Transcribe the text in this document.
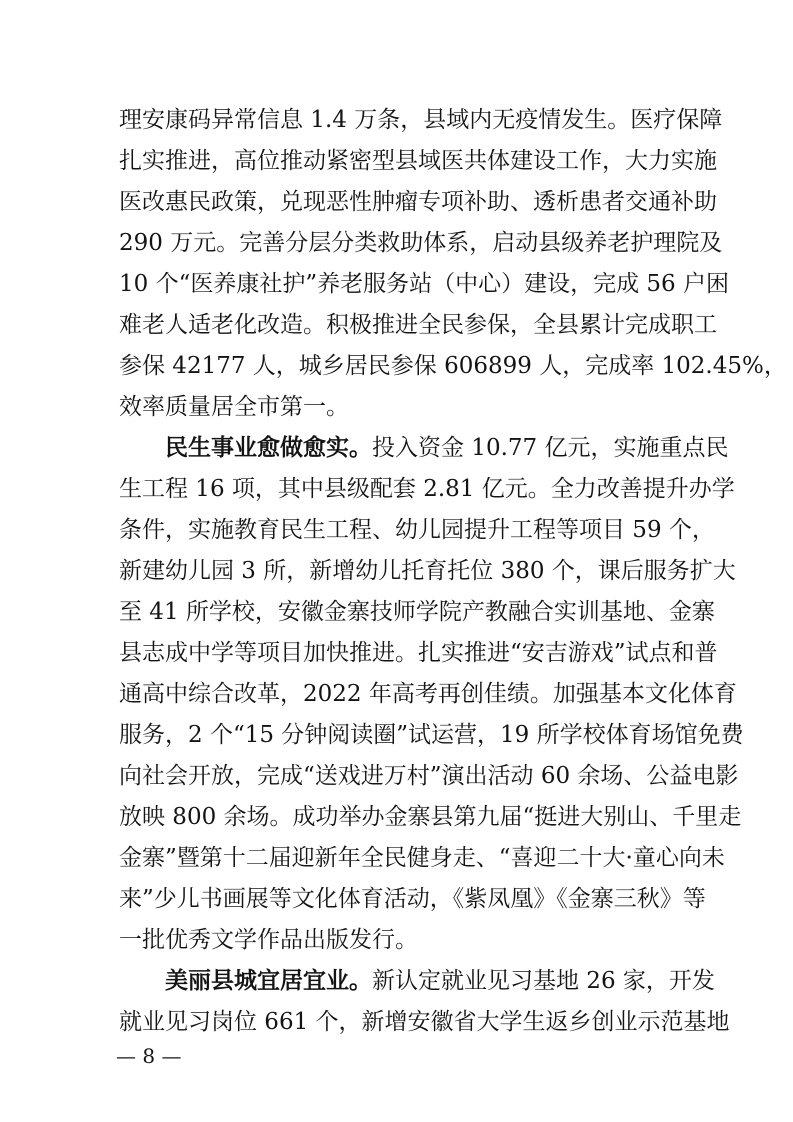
理安康码异常信息 1.4 万条，县域内无疫情发生。医疗保障
扎实推进，高位推动紧密型县域医共体建设工作，大力实施
医改惠民政策，兑现恶性肿瘤专项补助、透析患者交通补助
290 万元。完善分层分类救助体系，启动县级养老护理院及
10 个“医养康社护”养老服务站（中心）建设，完成 56 户困
难老人适老化改造。积极推进全民参保，全县累计完成职工
参保 42177 人，城乡居民参保 606899 人，完成率 102.45%，
效率质量居全市第一。
民生事业愈做愈实。投入资金 10.77 亿元，实施重点民
生工程 16 项，其中县级配套 2.81 亿元。全力改善提升办学
条件，实施教育民生工程、幼儿园提升工程等项目 59 个，
新建幼儿园 3 所，新增幼儿托育托位 380 个，课后服务扩大
至 41 所学校，安徽金寨技师学院产教融合实训基地、金寨
县志成中学等项目加快推进。扎实推进“安吉游戏”试点和普
通高中综合改革，2022 年高考再创佳绩。加强基本文化体育
服务，2 个“15 分钟阅读圈”试运营，19 所学校体育场馆免费
向社会开放，完成“送戏进万村”演出活动 60 余场、公益电影
放映 800 余场。成功举办金寨县第九届“挺进大别山、千里走
金寨”暨第十二届迎新年全民健身走、“喜迎二十大·童心向未
来”少儿书画展等文化体育活动，《紫凤凰》《金寨三秋》等
一批优秀文学作品出版发行。
美丽县城宜居宜业。新认定就业见习基地 26 家，开发
就业见习岗位 661 个，新增安徽省大学生返乡创业示范基地
— 8 —
